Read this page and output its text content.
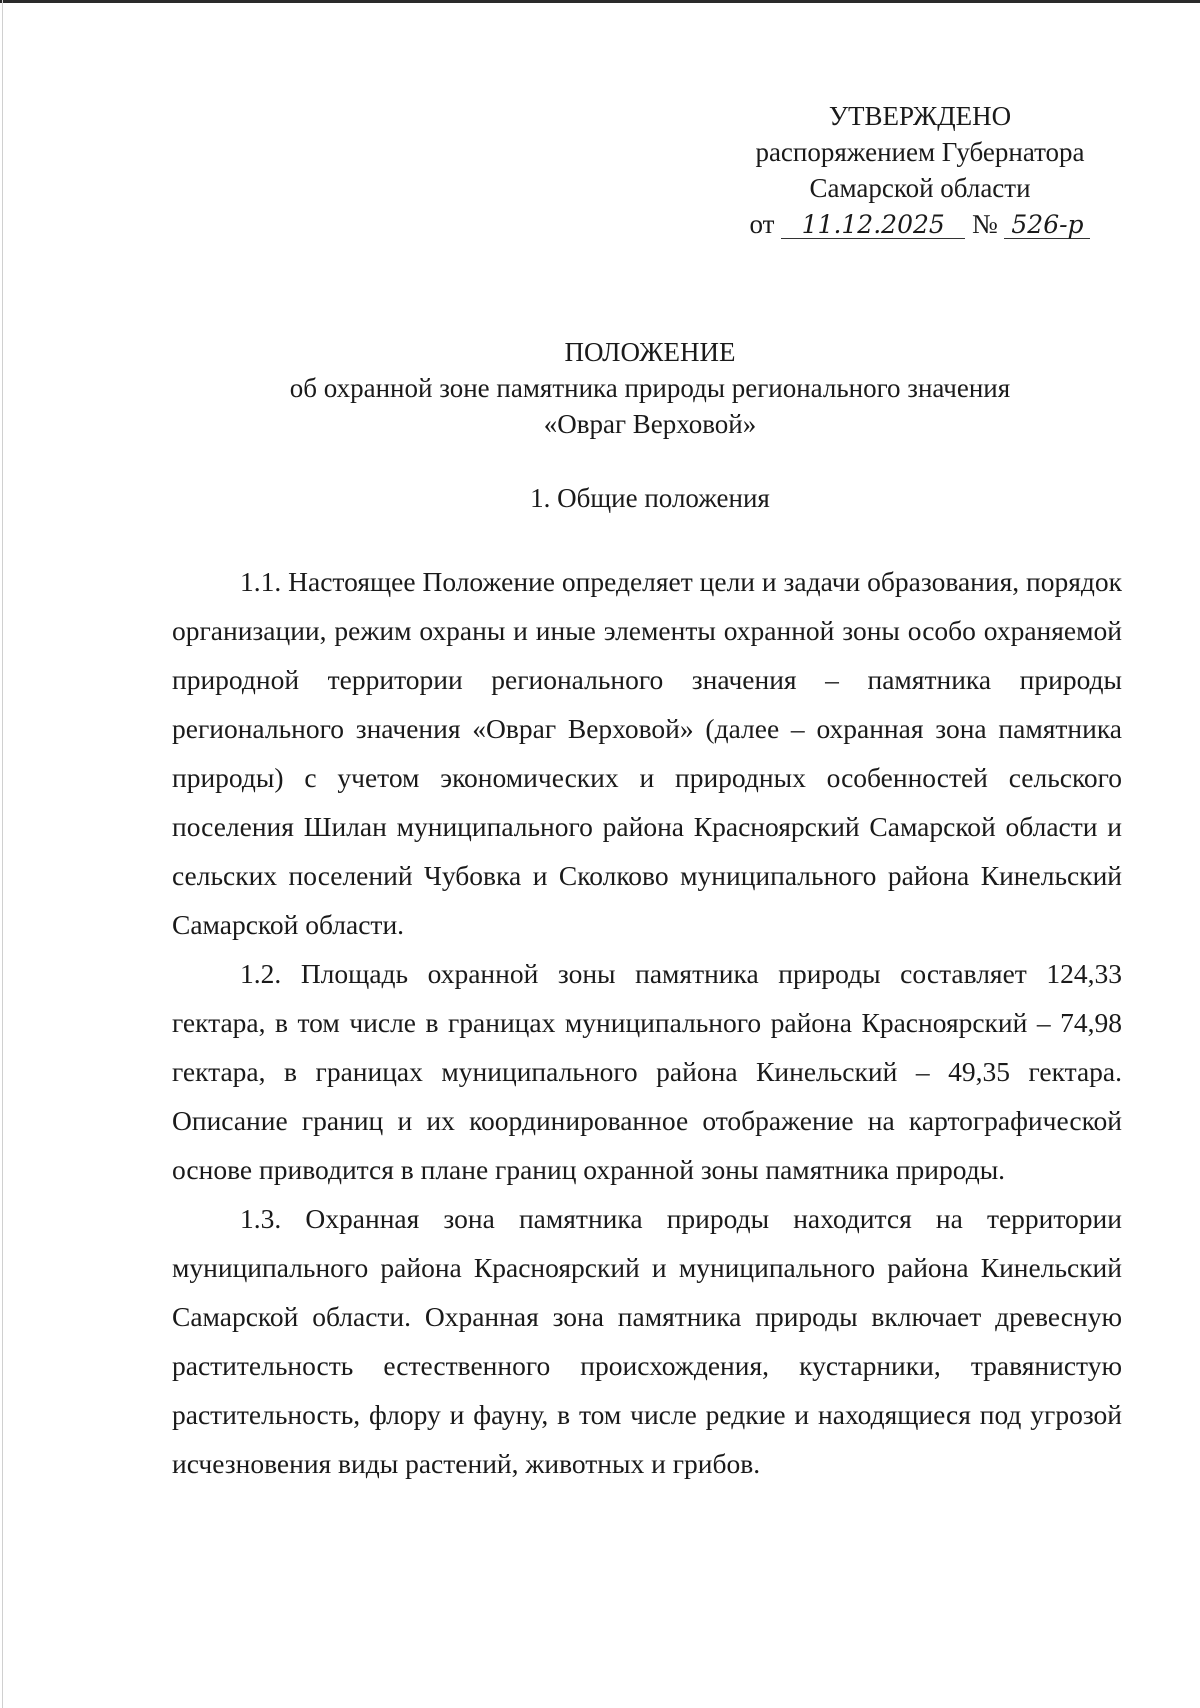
УТВЕРЖДЕНО
распоряжением Губернатора
Самарской области
от 11.12.2025 № 526-р
ПОЛОЖЕНИЕ
об охранной зоне памятника природы регионального значения
«Овраг Верховой»
1. Общие положения

1.1. Настоящее Положение определяет цели и задачи образования, порядок организации, режим охраны и иные элементы охранной зоны особо охраняемой природной территории регионального значения – памятника природы регионального значения «Овраг Верховой» (далее – охранная зона памятника природы) с учетом экономических и природных особенностей сельского поселения Шилан муниципального района Красноярский Самарской области и сельских поселений Чубовка и Сколково муниципального района Кинельский Самарской области.

1.2. Площадь охранной зоны памятника природы составляет 124,33 гектара, в том числе в границах муниципального района Красноярский – 74,98 гектара, в границах муниципального района Кинельский – 49,35 гектара. Описание границ и их координированное отображение на картографической основе приводится в плане границ охранной зоны памятника природы.

1.3. Охранная зона памятника природы находится на территории муниципального района Красноярский и муниципального района Кинельский Самарской области. Охранная зона памятника природы включает древесную растительность естественного происхождения, кустарники, травянистую растительность, флору и фауну, в том числе редкие и находящиеся под угрозой исчезновения виды растений, животных и грибов.
